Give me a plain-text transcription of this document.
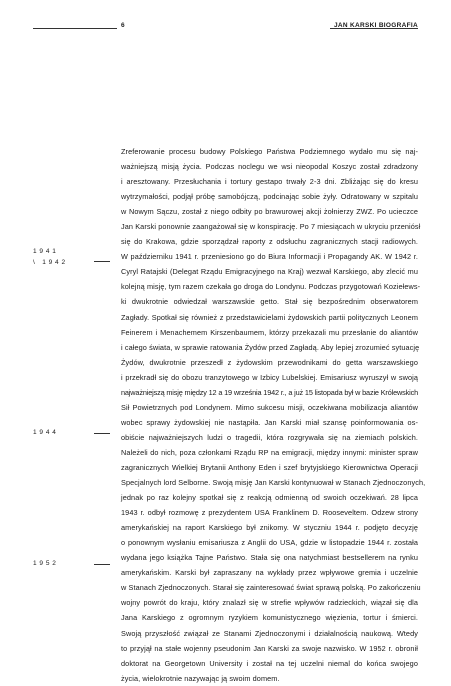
6	JAN KARSKI BIOGRAFIA
1941
\ 1942
1944
1952
Zreferowanie procesu budowy Polskiego Państwa Podziemnego wydało mu się naj-
ważniejszą misją życia. Podczas noclegu we wsi nieopodal Koszyc został zdradzony
i aresztowany. Przesłuchania i tortury gestapo trwały 2-3 dni. Zbliżając się do kresu
wytrzymałości, podjął próbę samobójczą, podcinając sobie żyły. Odratowany w szpitalu
w Nowym Sączu, został z niego odbity po brawurowej akcji żołnierzy ZWZ. Po ucieczce
Jan Karski ponownie zaangażował się w konspirację. Po 7 miesiącach w ukryciu przeniósł
się do Krakowa, gdzie sporządzał raporty z odsłuchu zagranicznych stacji radiowych.
W październiku 1941 r. przeniesiono go do Biura Informacji i Propagandy AK. W 1942 r.
Cyryl Ratajski (Delegat Rządu Emigracyjnego na Kraj) wezwał Karskiego, aby zlecić mu
kolejną misję, tym razem czekała go droga do Londynu. Podczas przygotowań Koziełews-
ki dwukrotnie odwiedzał warszawskie getto. Stał się bezpośrednim obserwatorem
Zagłady. Spotkał się również z przedstawicielami żydowskich partii politycznych Leonem
Feinerem i Menachemem Kirszenbaumem, którzy przekazali mu przesłanie do aliantów
i całego świata, w sprawie ratowania Żydów przed Zagładą. Aby lepiej zrozumieć sytuację
Żydów, dwukrotnie przeszedł z żydowskim przewodnikami do getta warszawskiego
i przekradł się do obozu tranzytowego w Izbicy Lubelskiej. Emisariusz wyruszył w swoją
najważniejszą misję między 12 a 19 września 1942 r., a już 15 listopada był w bazie Królewskich
Sił Powietrznych pod Londynem. Mimo sukcesu misji, oczekiwana mobilizacja aliantów
wobec sprawy żydowskiej nie nastąpiła. Jan Karski miał szansę poinformowania os-
obiście najważniejszych ludzi o tragedii, która rozgrywała się na ziemiach polskich.
Należeli do nich, poza członkami Rządu RP na emigracji, między innymi: minister spraw
zagranicznych Wielkiej Brytanii Anthony Eden i szef brytyjskiego Kierownictwa Operacji
Specjalnych lord Selborne. Swoją misję Jan Karski kontynuował w Stanach Zjednoczonych,
jednak po raz kolejny spotkał się z reakcją odmienną od swoich oczekiwań. 28 lipca
1943 r. odbył rozmowę z prezydentem USA Franklinem D. Rooseveltem. Odzew strony
amerykańskiej na raport Karskiego był znikomy. W styczniu 1944 r. podjęto decyzję
o ponownym wysłaniu emisariusza z Anglii do USA, gdzie w listopadzie 1944 r. została
wydana jego książka Tajne Państwo. Stała się ona natychmiast bestsellerem na rynku
amerykańskim. Karski był zapraszany na wykłady przez wpływowe gremia i uczelnie
w Stanach Zjednoczonych. Starał się zainteresować świat sprawą polską. Po zakończeniu
wojny powrót do kraju, który znalazł się w strefie wpływów radzieckich, wiązał się dla
Jana Karskiego z ogromnym ryzykiem komunistycznego więzienia, tortur i śmierci.
Swoją przyszłość związał ze Stanami Zjednoczonymi i działalnością naukową. Wtedy
to przyjął na stałe wojenny pseudonim Jan Karski za swoje nazwisko. W 1952 r. obronił
doktorat na Georgetown University i został na tej uczelni niemal do końca swojego
życia, wielokrotnie nazywając ją swoim domem.
